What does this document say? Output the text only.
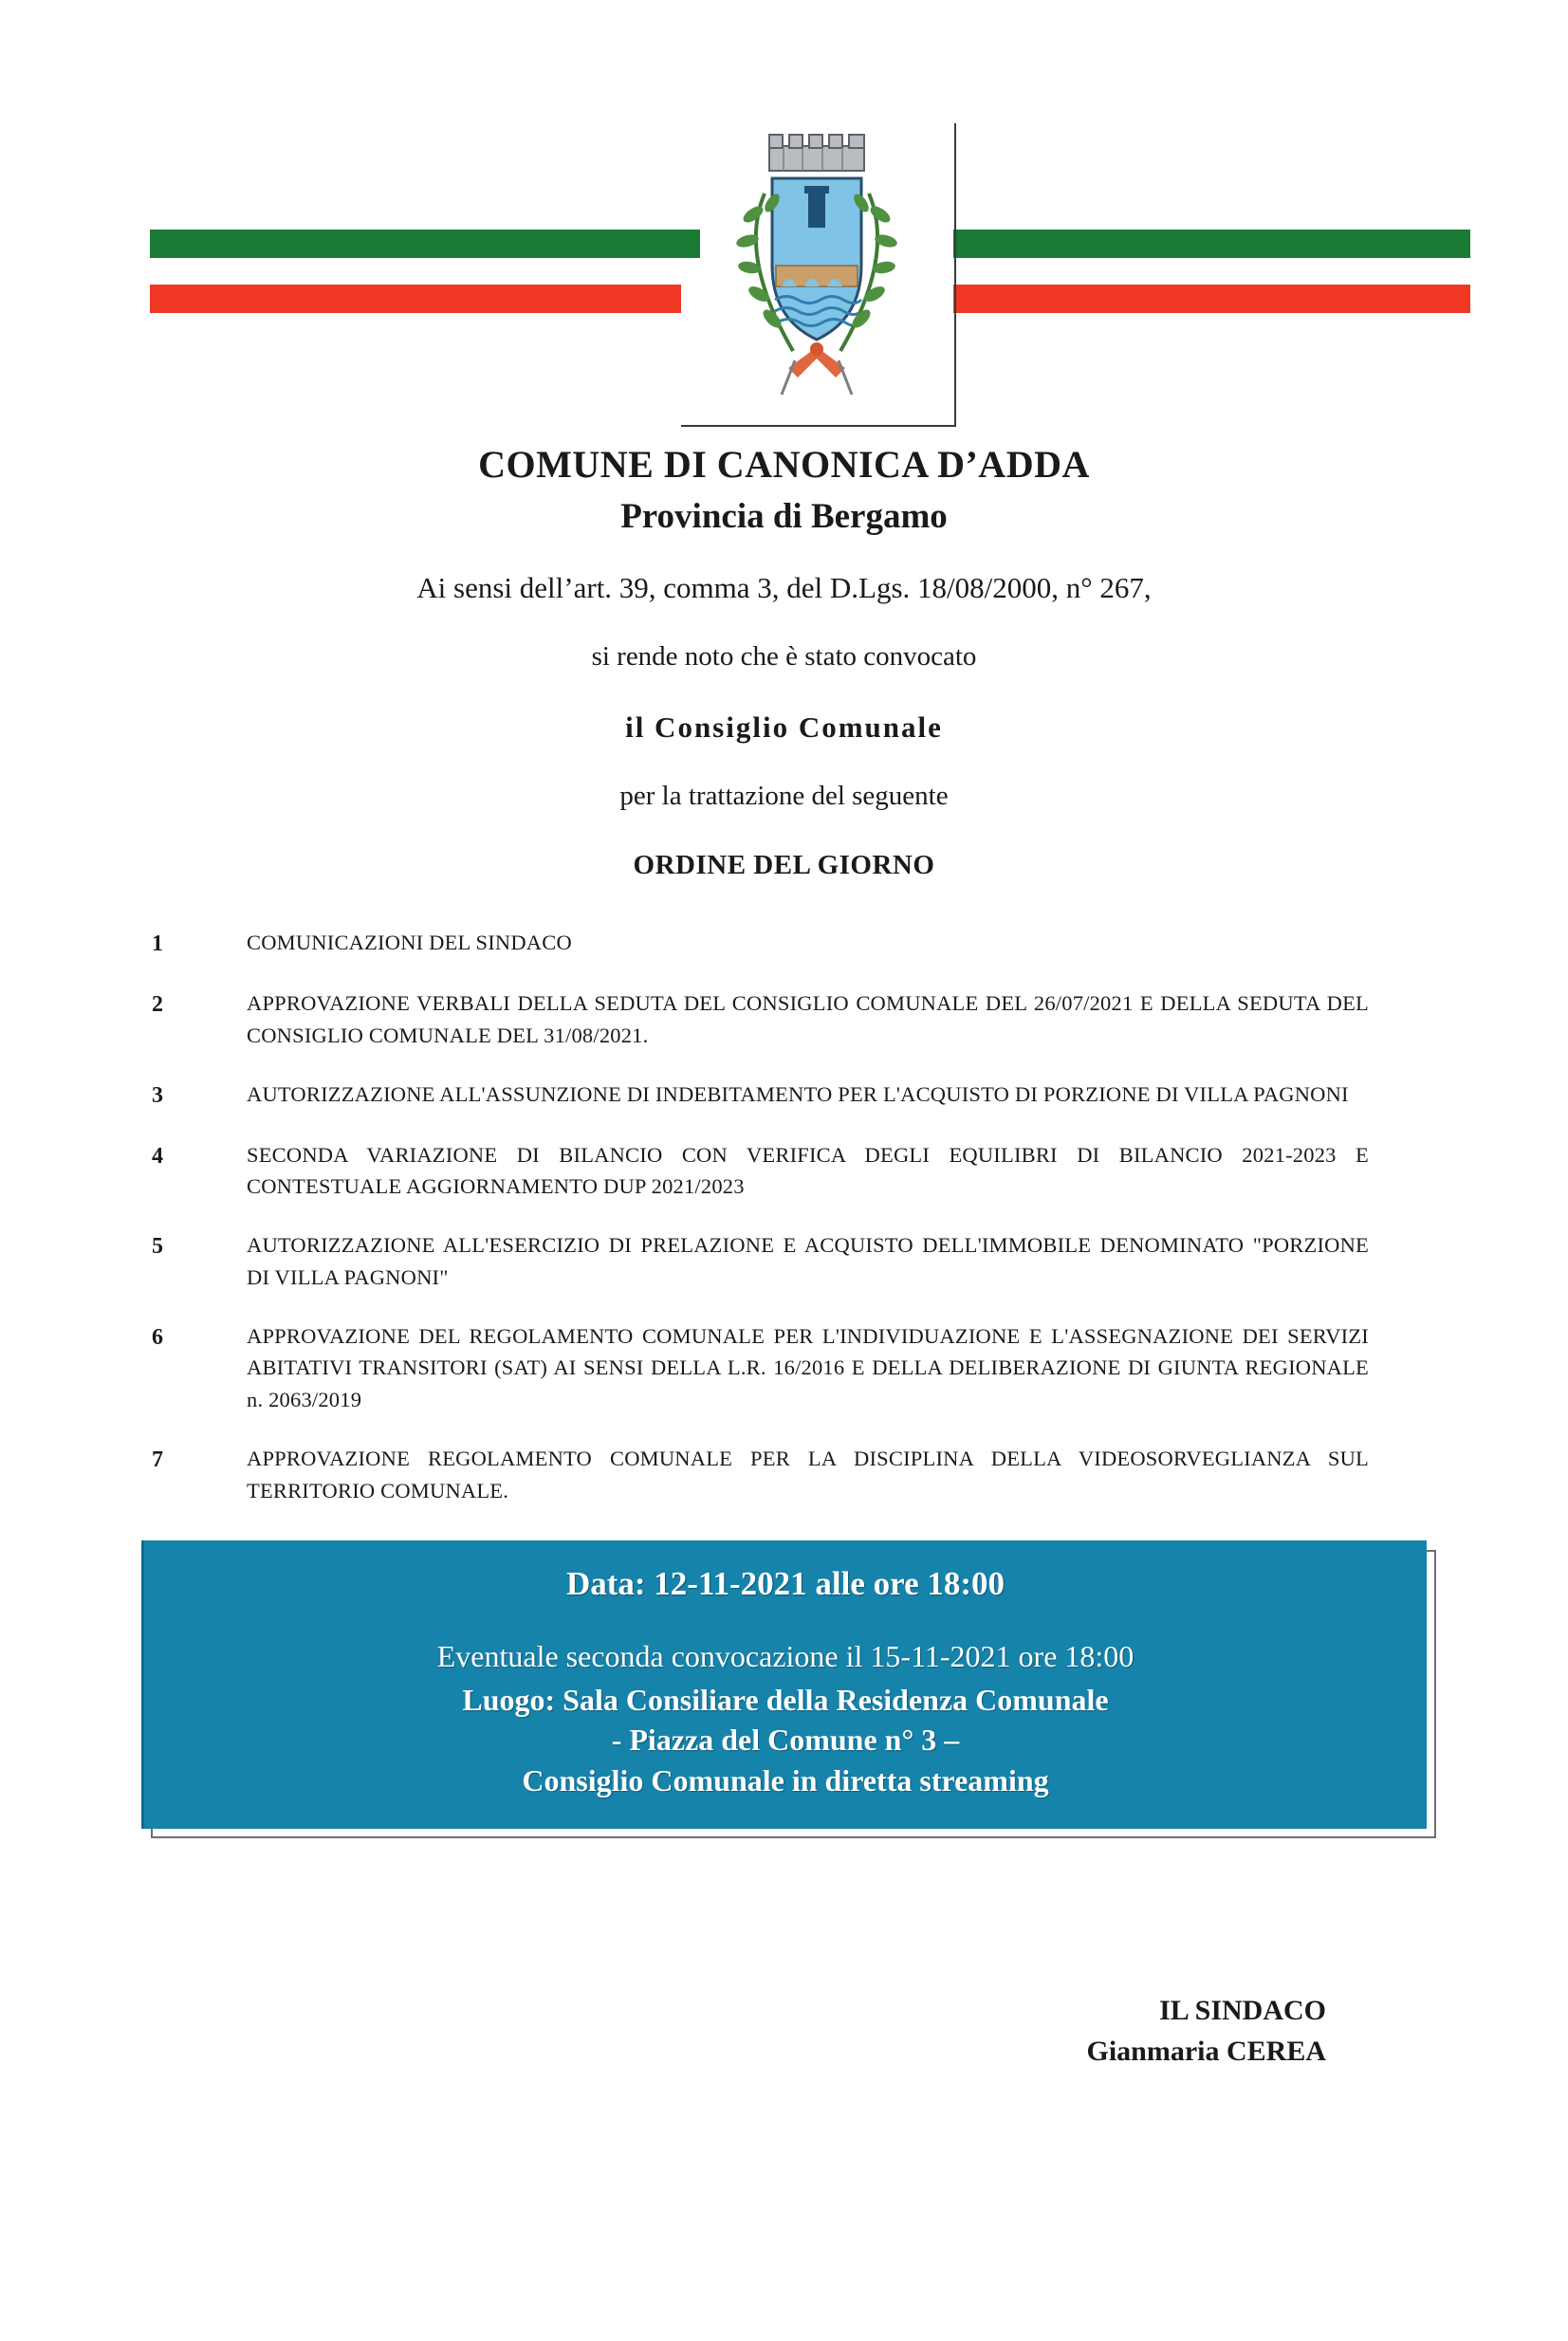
COMUNE DI CANONICA D’ADDA
Provincia di Bergamo
Ai sensi dell’art. 39, comma 3, del D.Lgs. 18/08/2000, n° 267,
si rende noto che è stato convocato
il Consiglio Comunale
per la trattazione del seguente
ORDINE DEL GIORNO
1	COMUNICAZIONI DEL SINDACO
2	APPROVAZIONE VERBALI DELLA SEDUTA DEL CONSIGLIO COMUNALE DEL 26/07/2021 E DELLA SEDUTA DEL CONSIGLIO COMUNALE DEL 31/08/2021.
3	AUTORIZZAZIONE ALL'ASSUNZIONE DI INDEBITAMENTO PER L'ACQUISTO DI PORZIONE DI VILLA PAGNONI
4	SECONDA VARIAZIONE DI BILANCIO CON VERIFICA DEGLI EQUILIBRI DI BILANCIO 2021-2023 E CONTESTUALE AGGIORNAMENTO DUP 2021/2023
5	AUTORIZZAZIONE ALL'ESERCIZIO DI PRELAZIONE E ACQUISTO DELL'IMMOBILE DENOMINATO "PORZIONE DI VILLA PAGNONI"
6	APPROVAZIONE DEL REGOLAMENTO COMUNALE PER L'INDIVIDUAZIONE E L'ASSEGNAZIONE DEI SERVIZI ABITATIVI TRANSITORI (SAT) AI SENSI DELLA L.R. 16/2016 E DELLA DELIBERAZIONE DI GIUNTA REGIONALE n. 2063/2019
7	APPROVAZIONE REGOLAMENTO COMUNALE PER LA DISCIPLINA DELLA VIDEOSORVEGLIANZA SUL TERRITORIO COMUNALE.
Data: 12-11-2021 alle ore 18:00
Eventuale seconda convocazione il 15-11-2021 ore 18:00
Luogo: Sala Consiliare della Residenza Comunale
- Piazza del Comune n° 3 –
Consiglio Comunale in diretta streaming
IL SINDACO
Gianmaria CEREA
